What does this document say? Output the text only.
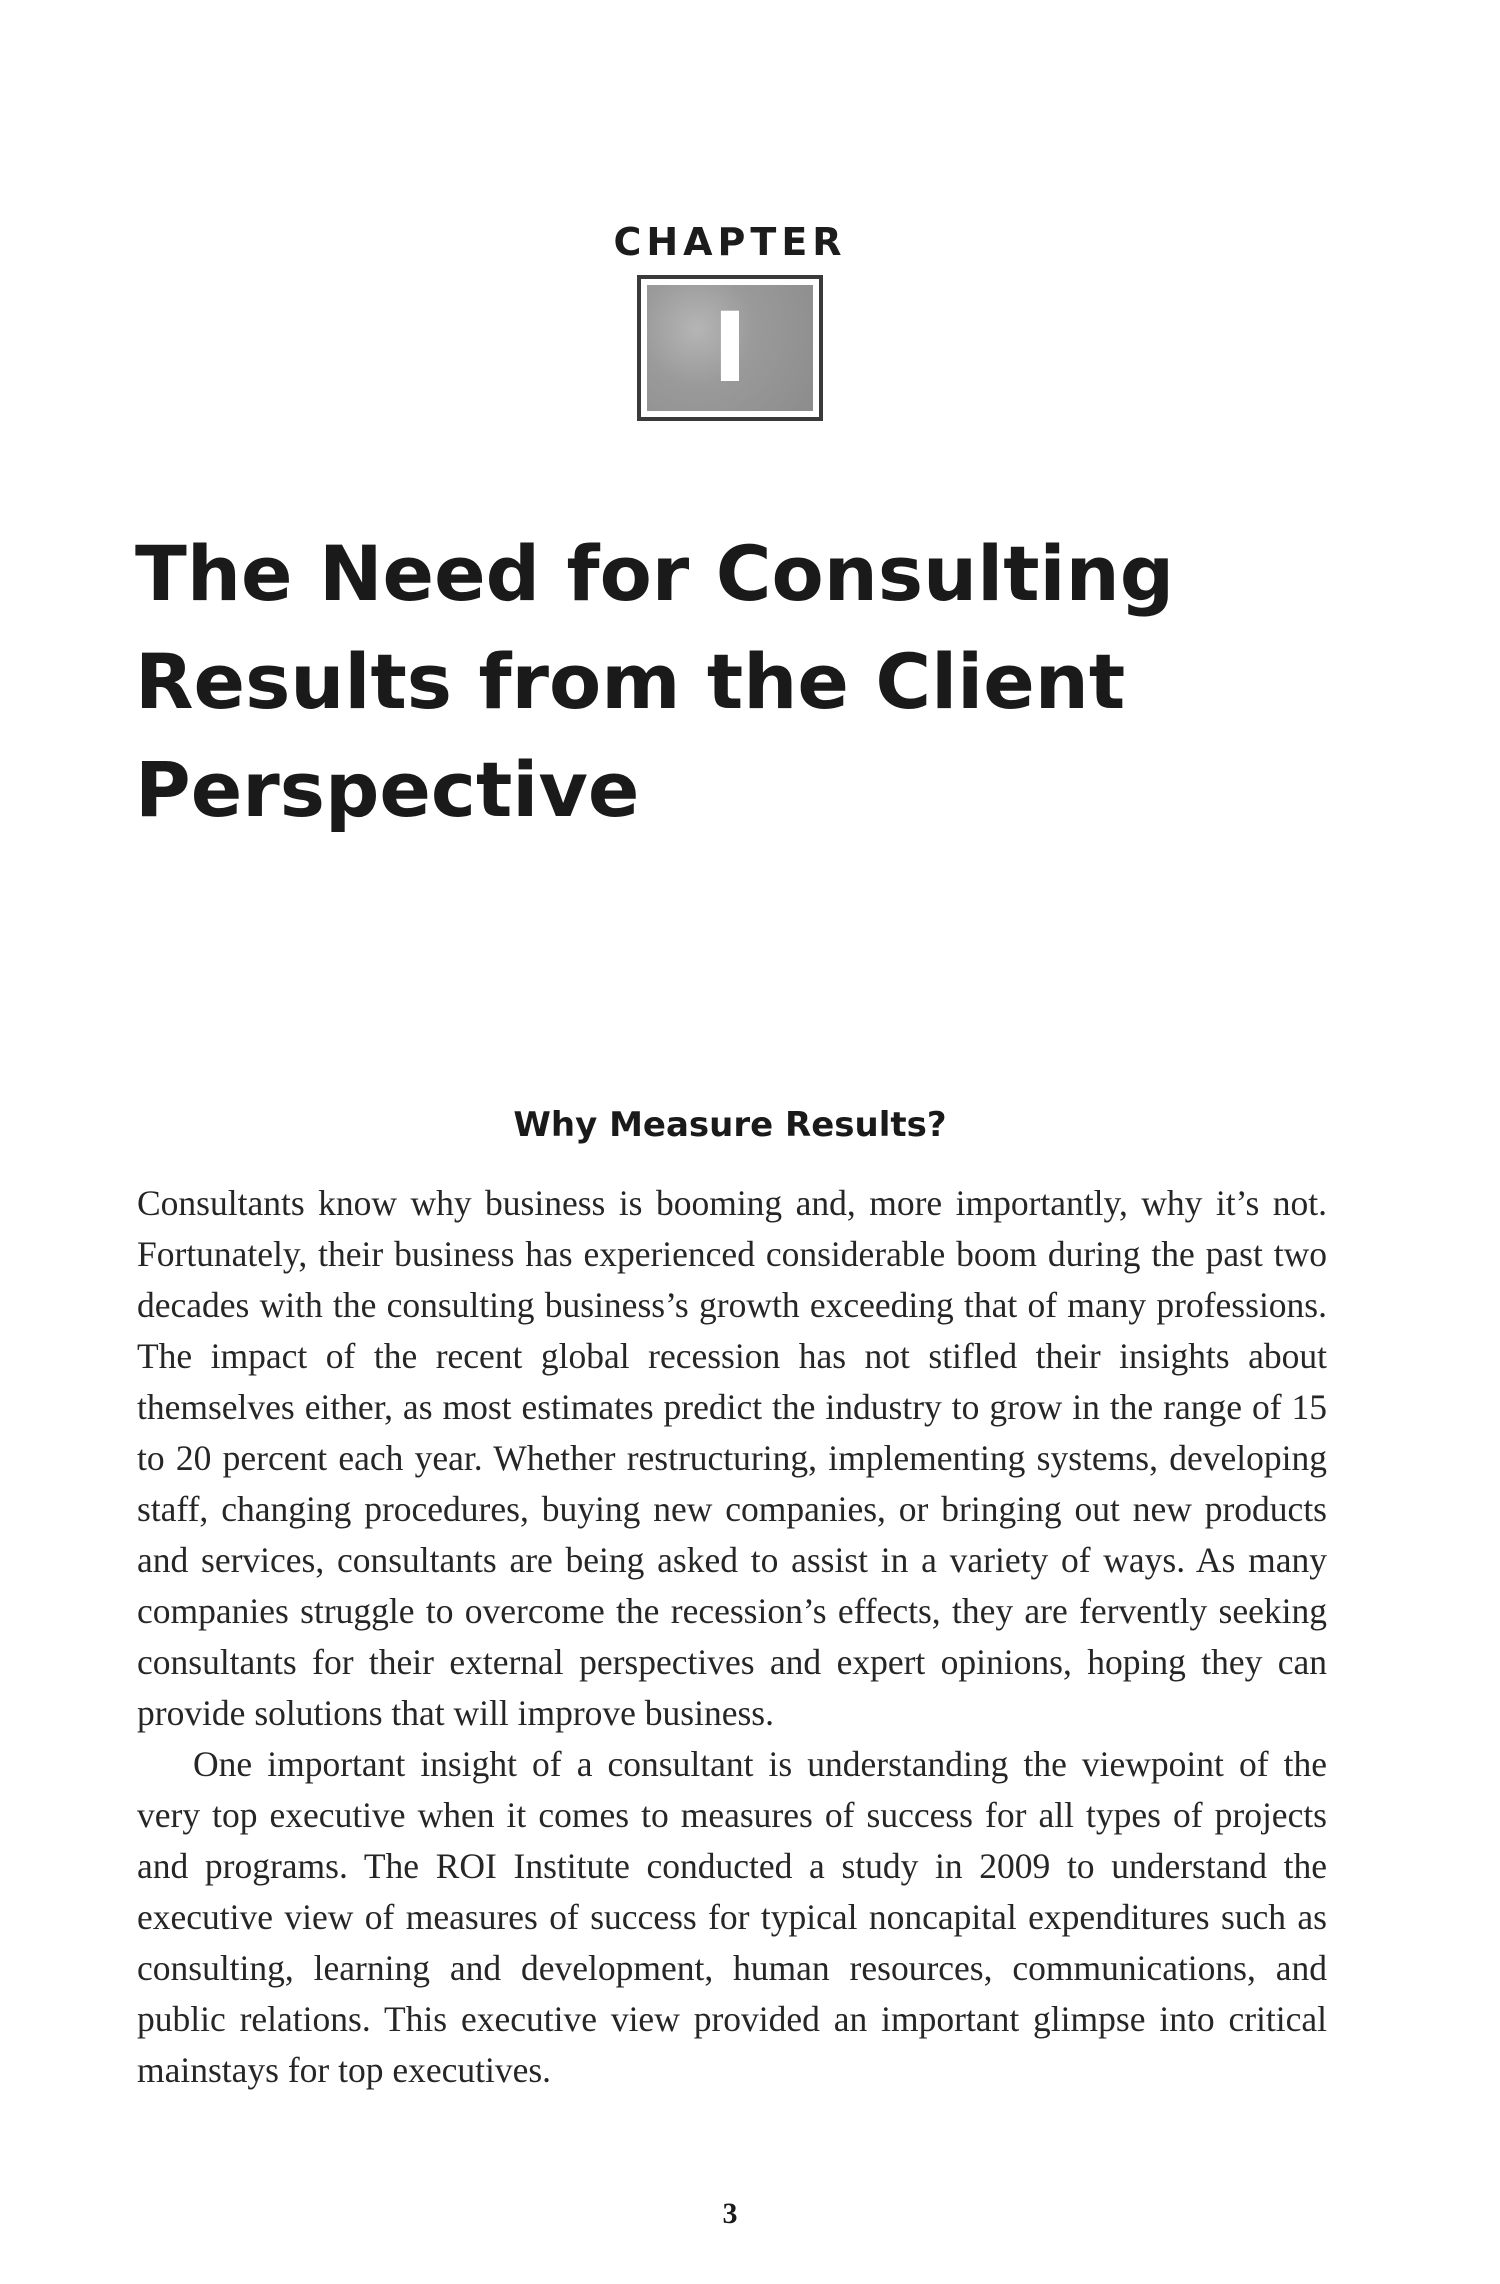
CHAPTER
I
The Need for Consulting
Results from the Client
Perspective
Why Measure Results?

Consultants know why business is booming and, more importantly, why it’s not. Fortunately, their business has experienced considerable boom during the past two decades with the consulting business’s growth exceeding that of many professions. The impact of the recent global recession has not stifled their insights about themselves either, as most estimates predict the industry to grow in the range of 15 to 20 percent each year. Whether restructuring, implementing systems, developing staff, changing procedures, buying new companies, or bringing out new products and services, consultants are being asked to assist in a variety of ways. As many companies struggle to overcome the recession’s effects, they are fervently seeking consultants for their external perspectives and expert opinions, hoping they can provide solutions that will improve business.

One important insight of a consultant is understanding the viewpoint of the very top executive when it comes to measures of success for all types of projects and programs. The ROI Institute conducted a study in 2009 to understand the executive view of measures of success for typical noncapital expenditures such as consulting, learning and development, human resources, communications, and public relations. This executive view provided an important glimpse into critical mainstays for top executives.

3
